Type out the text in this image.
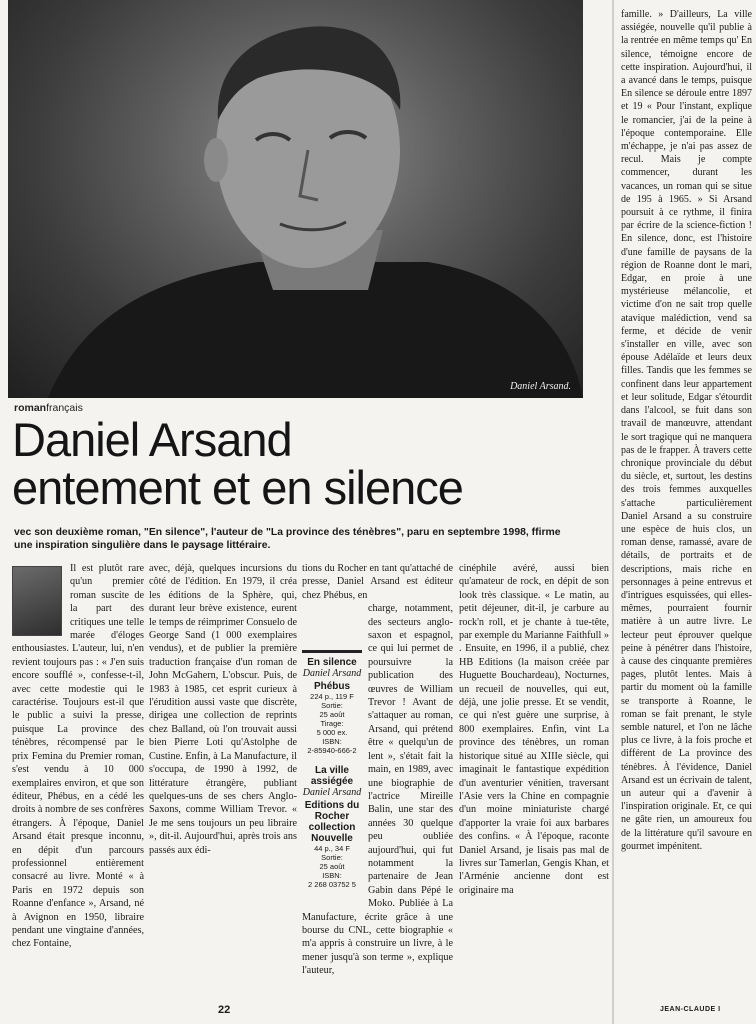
Daniel Arsand.
romanfrançais
Daniel Arsand
entement et en silence
vec son deuxième roman, "En silence", l'auteur de "La province des ténèbres", paru en septembre 1998, ffirme une inspiration singulière dans le paysage littéraire.

Il est plutôt rare qu'un premier roman suscite de la part des critiques une telle marée d'éloges enthousiastes. L'auteur, lui, n'en revient toujours pas : « J'en suis encore soufflé », confesse-t-il, avec cette modestie qui le caractérise. Toujours est-il que le public a suivi la presse, puisque La province des ténèbres, récompensé par le prix Femina du Premier roman, s'est vendu à 10 000 exemplaires environ, et que son éditeur, Phébus, en a cédé les droits à nombre de ses confrères étrangers. À l'époque, Daniel Arsand était presque inconnu, en dépit d'un parcours professionnel entièrement consacré au livre. Monté « à Paris en 1972 depuis son Roanne d'enfance », Arsand, né à Avignon en 1950, libraire pendant une vingtaine d'années, chez Fontaine,

avec, déjà, quelques incursions du côté de l'édition. En 1979, il créa les éditions de la Sphère, qui, durant leur brève existence, eurent le temps de réimprimer Consuelo de George Sand (1 000 exemplaires vendus), et de publier la première traduction française d'un roman de John McGahern, L'obscur. Puis, de 1983 à 1985, cet esprit curieux à l'érudition aussi vaste que discrète, dirigea une collection de reprints chez Balland, où l'on trouvait aussi bien Pierre Loti qu'Astolphe de Custine. Enfin, à La Manufacture, il s'occupa, de 1990 à 1992, de littérature étrangère, publiant quelques-uns de ses chers Anglo-Saxons, comme William Trevor. « Je me sens toujours un peu libraire », dit-il. Aujourd'hui, après trois ans passés aux édi-

tions du Rocher en tant qu'attaché de presse, Daniel Arsand est éditeur chez Phébus, en

En silence
Daniel Arsand
Phébus
224 p., 119 F
Sortie:
25 août
Tirage:
5 000 ex.
ISBN:
2-85940-666-2
La ville assiégée
Daniel Arsand
Editions du Rocher collection Nouvelle
44 p., 34 F
Sortie:
25 août
ISBN:
2 268 03752 5

charge, notamment, des secteurs anglo-saxon et espagnol, ce qui lui permet de poursuivre la publication des œuvres de William Trevor ! Avant de s'attaquer au roman, Arsand, qui prétend être « quelqu'un de lent », s'était fait la main, en 1989, avec une biographie de l'actrice Mireille Balin, une star des années 30 quelque peu oubliée aujourd'hui, qui fut notamment la partenaire de Jean Gabin dans Pépé le Moko. Publiée à La Manufacture, écrite grâce à une bourse du CNL, cette biographie « m'a appris à construire un livre, à le mener jusqu'à son terme », explique l'auteur,

cinéphile avéré, aussi bien qu'amateur de rock, en dépit de son look très classique. « Le matin, au petit déjeuner, dit-il, je carbure au rock'n roll, et je chante à tue-tête, par exemple du Marianne Faithfull » . Ensuite, en 1996, il a publié, chez HB Editions (la maison créée par Huguette Bouchardeau), Nocturnes, un recueil de nouvelles, qui eut, déjà, une jolie presse. Et se vendit, ce qui n'est guère une surprise, à 800 exemplaires. Enfin, vint La province des ténèbres, un roman historique situé au XIIIe siècle, qui imaginait le fantastique expédition d'un aventurier vénitien, traversant l'Asie vers la Chine en compagnie d'un moine miniaturiste chargé d'apporter la vraie foi aux barbares des confins. « À l'époque, raconte Daniel Arsand, je lisais pas mal de livres sur Tamerlan, Gengis Khan, et l'Arménie ancienne dont est originaire ma

famille. » D'ailleurs, La ville assiégée, nouvelle qu'il publie à la rentrée en même temps qu' En silence, témoigne encore de cette inspiration. Aujourd'hui, il a avancé dans le temps, puisque En silence se déroule entre 1897 et 19 « Pour l'instant, explique le romancier, j'ai de la peine à l'époque contemporaine. Elle m'échappe, je n'ai pas assez de recul. Mais je compte commencer, durant les vacances, un roman qui se situe de 195 à 1965. » Si Arsand poursuit à ce rythme, il finira par écrire de la science-fiction ! En silence, donc, est l'histoire d'une famille de paysans de la région de Roanne dont le mari, Edgar, en proie à une mystérieuse mélancolie, et victime d'on ne sait trop quelle atavique malédiction, vend sa ferme, et décide de venir s'installer en ville, avec son épouse Adélaïde et leurs deux filles. Tandis que les femmes se confinent dans leur appartement et leur solitude, Edgar s'étourdit dans l'alcool, se fuit dans son travail de manœuvre, attendant le sort tragique qui ne manquera pas de le frapper. À travers cette chronique provinciale du début du siècle, et, surtout, les destins des trois femmes auxquelles s'attache particulièrement Daniel Arsand a su construire une espèce de huis clos, un roman dense, ramassé, avare de détails, de portraits et de descriptions, mais riche en personnages à peine entrevus et d'intrigues esquissées, qui elles-mêmes, pourraient fournir matière à un autre livre. Le lecteur peut éprouver quelque peine à pénétrer dans l'histoire, à cause des cinquante premières pages, plutôt lentes. Mais à partir du moment où la famille se transporte à Roanne, le roman se fait prenant, le style semble naturel, et l'on ne lâche plus ce livre, à la fois proche et différent de La province des ténèbres. À l'évidence, Daniel Arsand est un écrivain de talent, un auteur qui a d'avenir à l'inspiration originale. Et, ce qui ne gâte rien, un amoureux fou de la littérature qu'il savoure en gourmet impénitent.

22	JEAN-CLAUDE I
